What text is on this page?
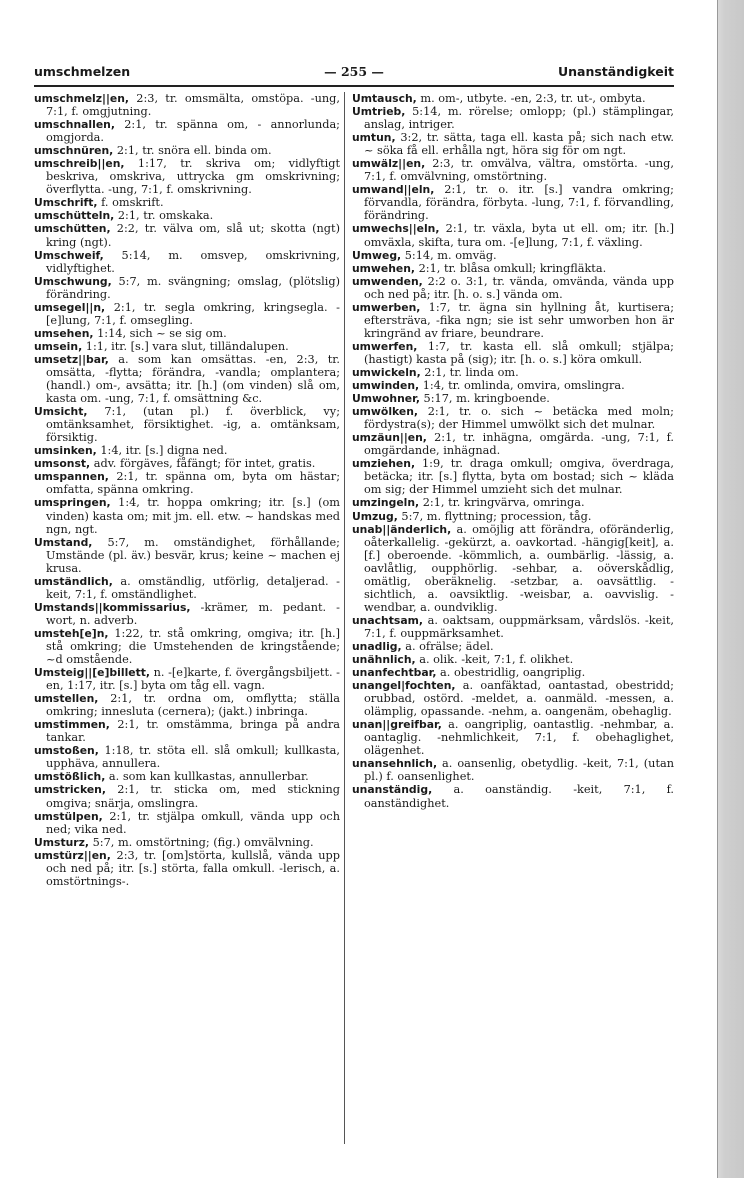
umschmelzen	— 255 —	Unanständigkeit

umschmelz||en, 2:3, tr. omsmälta, omstöpa. -ung, 7:1, f. omgjutning.

umschnallen, 2:1, tr. spänna om, - annorlunda; omgjorda.

umschnüren, 2:1, tr. snöra ell. binda om.

umschreib||en, 1:17, tr. skriva om; vidlyftigt beskriva, omskriva, uttrycka gm omskrivning; överflytta. -ung, 7:1, f. omskrivning.

Umschrift, f. omskrift.

umschütteln, 2:1, tr. omskaka.

umschütten, 2:2, tr. välva om, slå ut; skotta (ngt) kring (ngt).

Umschweif, 5:14, m. omsvep, omskrivning, vidlyftighet.

Umschwung, 5:7, m. svängning; omslag, (plötslig) förändring.

umsegel||n, 2:1, tr. segla omkring, kringsegla. -[e]lung, 7:1, f. omsegling.

umsehen, 1:14, sich ~ se sig om.

umsein, 1:1, itr. [s.] vara slut, tilländalupen.

umsetz||bar, a. som kan omsättas. -en, 2:3, tr. omsätta, -flytta; förändra, -vandla; omplantera; (handl.) om-, avsätta; itr. [h.] (om vinden) slå om, kasta om. -ung, 7:1, f. omsättning &c.

Umsicht, 7:1, (utan pl.) f. överblick, vy; omtänksamhet, försiktighet. -ig, a. omtänksam, försiktig.

umsinken, 1:4, itr. [s.] digna ned.

umsonst, adv. förgäves, fåfängt; för intet, gratis.

umspannen, 2:1, tr. spänna om, byta om hästar; omfatta, spänna omkring.

umspringen, 1:4, tr. hoppa omkring; itr. [s.] (om vinden) kasta om; mit jm. ell. etw. ~ handskas med ngn, ngt.

Umstand, 5:7, m. omständighet, förhållande; Umstände (pl. äv.) besvär, krus; keine ~ machen ej krusa.

umständlich, a. omständlig, utförlig, detaljerad. -keit, 7:1, f. omständlighet.

Umstands||kommissarius, -krämer, m. pedant. -wort, n. adverb.

umsteh[e]n, 1:22, tr. stå omkring, omgiva; itr. [h.] stå omkring; die Umstehenden de kringstående; ~d omstående.

Umsteig||[e]billett, n. -[e]karte, f. övergångsbiljett. -en, 1:17, itr. [s.] byta om tåg ell. vagn.

umstellen, 2:1, tr. ordna om, omflytta; ställa omkring; innesluta (cernera); (jakt.) inbringa.

umstimmen, 2:1, tr. omstämma, bringa på andra tankar.

umstoßen, 1:18, tr. stöta ell. slå omkull; kullkasta, upphäva, annullera.

umstößlich, a. som kan kullkastas, annullerbar.

umstricken, 2:1, tr. sticka om, med stickning omgiva; snärja, omslingra.

umstülpen, 2:1, tr. stjälpa omkull, vända upp och ned; vika ned.

Umsturz, 5:7, m. omstörtning; (fig.) omvälvning.

umstürz||en, 2:3, tr. [om]störta, kullslå, vända upp och ned på; itr. [s.] störta, falla omkull. -lerisch, a. omstörtnings-.

Umtausch, m. om-, utbyte. -en, 2:3, tr. ut-, ombyta.

Umtrieb, 5:14, m. rörelse; omlopp; (pl.) stämplingar, anslag, intriger.

umtun, 3:2, tr. sätta, taga ell. kasta på; sich nach etw. ~ söka få ell. erhålla ngt, höra sig för om ngt.

umwälz||en, 2:3, tr. omvälva, vältra, omstörta. -ung, 7:1, f. omvälvning, omstörtning.

umwand||eln, 2:1, tr. o. itr. [s.] vandra omkring; förvandla, förändra, förbyta. -lung, 7:1, f. förvandling, förändring.

umwechs||eln, 2:1, tr. växla, byta ut ell. om; itr. [h.] omväxla, skifta, tura om. -[e]lung, 7:1, f. växling.

Umweg, 5:14, m. omväg.

umwehen, 2:1, tr. blåsa omkull; kringfläkta.

umwenden, 2:2 o. 3:1, tr. vända, omvända, vända upp och ned på; itr. [h. o. s.] vända om.

umwerben, 1:7, tr. ägna sin hyllning åt, kurtisera; eftersträva, -fika ngn; sie ist sehr umworben hon är kringränd av friare, beundrare.

umwerfen, 1:7, tr. kasta ell. slå omkull; stjälpa; (hastigt) kasta på (sig); itr. [h. o. s.] köra omkull.

umwickeln, 2:1, tr. linda om.

umwinden, 1:4, tr. omlinda, omvira, omslingra.

Umwohner, 5:17, m. kringboende.

umwölken, 2:1, tr. o. sich ~ betäcka med moln; fördystra(s); der Himmel umwölkt sich det mulnar.

umzäun||en, 2:1, tr. inhägna, omgärda. -ung, 7:1, f. omgärdande, inhägnad.

umziehen, 1:9, tr. draga omkull; omgiva, överdraga, betäcka; itr. [s.] flytta, byta om bostad; sich ~ kläda om sig; der Himmel umzieht sich det mulnar.

umzingeln, 2:1, tr. kringvärva, omringa.

Umzug, 5:7, m. flyttning; procession, tåg.

unab||änderlich, a. omöjlig att förändra, oföränderlig, oåterkallelig. -gekürzt, a. oavkortad. -hängig[keit], a. [f.] oberoende. -kömmlich, a. oumbärlig. -lässig, a. oavlåtlig, oupphörlig. -sehbar, a. oöverskådlig, omätlig, oberäknelig. -setzbar, a. oavsättlig. -sichtlich, a. oavsiktlig. -weisbar, a. oavvislig. -wendbar, a. oundviklig.

unachtsam, a. oaktsam, ouppmärksam, vårdslös. -keit, 7:1, f. ouppmärksamhet.

unadlig, a. ofrälse; ädel.

unähnlich, a. olik. -keit, 7:1, f. olikhet.

unanfechtbar, a. obestridlig, oangriplig.

unangel|fochten, a. oanfäktad, oantastad, obestridd; orubbad, ostörd. -meldet, a. oanmäld. -messen, a. olämplig, opassande. -nehm, a. oangenäm, obehaglig.

unan||greifbar, a. oangriplig, oantastlig. -nehmbar, a. oantaglig. -nehmlichkeit, 7:1, f. obehaglighet, olägenhet.

unansehnlich, a. oansenlig, obetydlig. -keit, 7:1, (utan pl.) f. oansenlighet.

unanständig, a. oanständig. -keit, 7:1, f. oanständighet.
